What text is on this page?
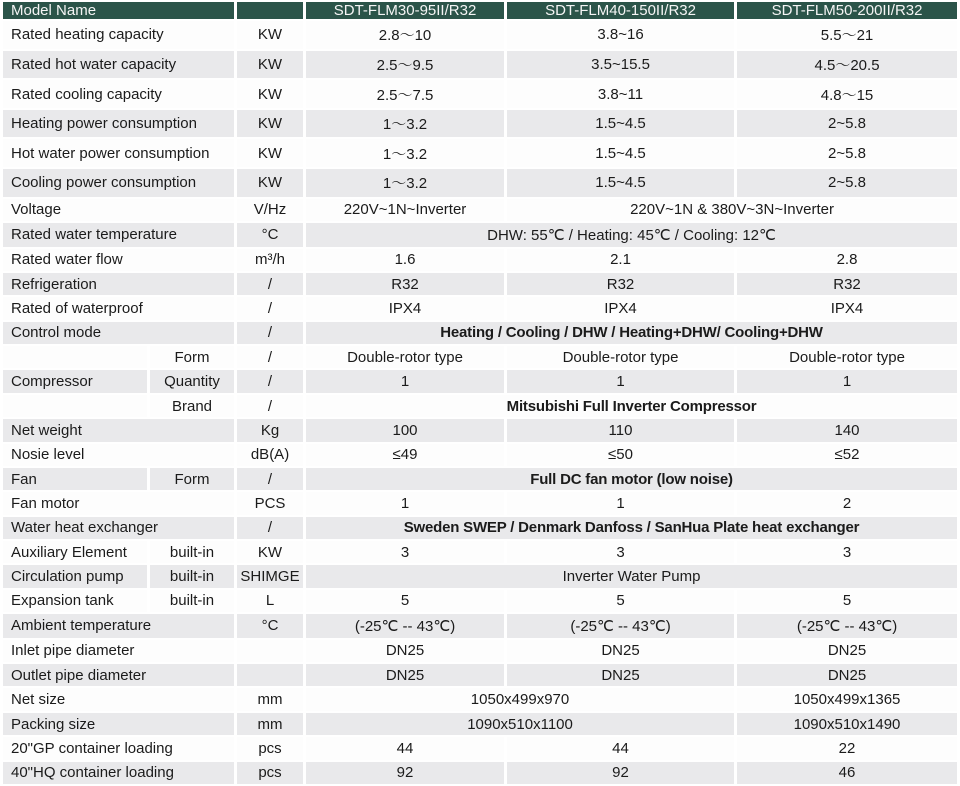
Model Name			SDT-FLM30-95II/R32	SDT-FLM40-150II/R32	SDT-FLM50-200II/R32
Rated heating capacity		KW	2.8〜10	3.8~16	5.5〜21
Rated hot water capacity		KW	2.5〜9.5	3.5~15.5	4.5〜20.5
Rated cooling capacity		KW	2.5〜7.5	3.8~11	4.8〜15
Heating power consumption		KW	1〜3.2	1.5~4.5	2~5.8
Hot water power consumption		KW	1〜3.2	1.5~4.5	2~5.8
Cooling power consumption		KW	1〜3.2	1.5~4.5	2~5.8
Voltage		V/Hz	220V~1N~Inverter	220V~1N & 380V~3N~Inverter	
Rated water temperature		°C	DHW: 55℃ / Heating: 45℃ / Cooling: 12℃		
Rated water flow		m³/h	1.6	2.1	2.8
Refrigeration		/	R32	R32	R32
Rated of waterproof		/	IPX4	IPX4	IPX4
Control mode		/	Heating / Cooling / DHW / Heating+DHW/ Cooling+DHW		
	Form	/	Double-rotor type	Double-rotor type	Double-rotor type
Compressor	Quantity	/	1	1	1
	Brand	/	Mitsubishi Full Inverter Compressor		
Net weight		Kg	100	110	140
Nosie level		dB(A)	≤49	≤50	≤52
Fan	Form	/	Full DC fan motor (low noise)		
Fan motor		PCS	1	1	2
Water heat exchanger		/	Sweden SWEP / Denmark Danfoss / SanHua Plate heat exchanger		
Auxiliary Element	built-in	KW	3	3	3
Circulation pump	built-in	SHIMGE	Inverter Water Pump		
Expansion tank	built-in	L	5	5	5
Ambient temperature		°C	(-25℃ -- 43℃)	(-25℃ -- 43℃)	(-25℃ -- 43℃)
Inlet pipe diameter			DN25	DN25	DN25
Outlet pipe diameter			DN25	DN25	DN25
Net size		mm	1050x499x970		1050x499x1365
Packing size		mm	1090x510x1100		1090x510x1490
20"GP container loading		pcs	44	44	22
40"HQ container loading		pcs	92	92	46
